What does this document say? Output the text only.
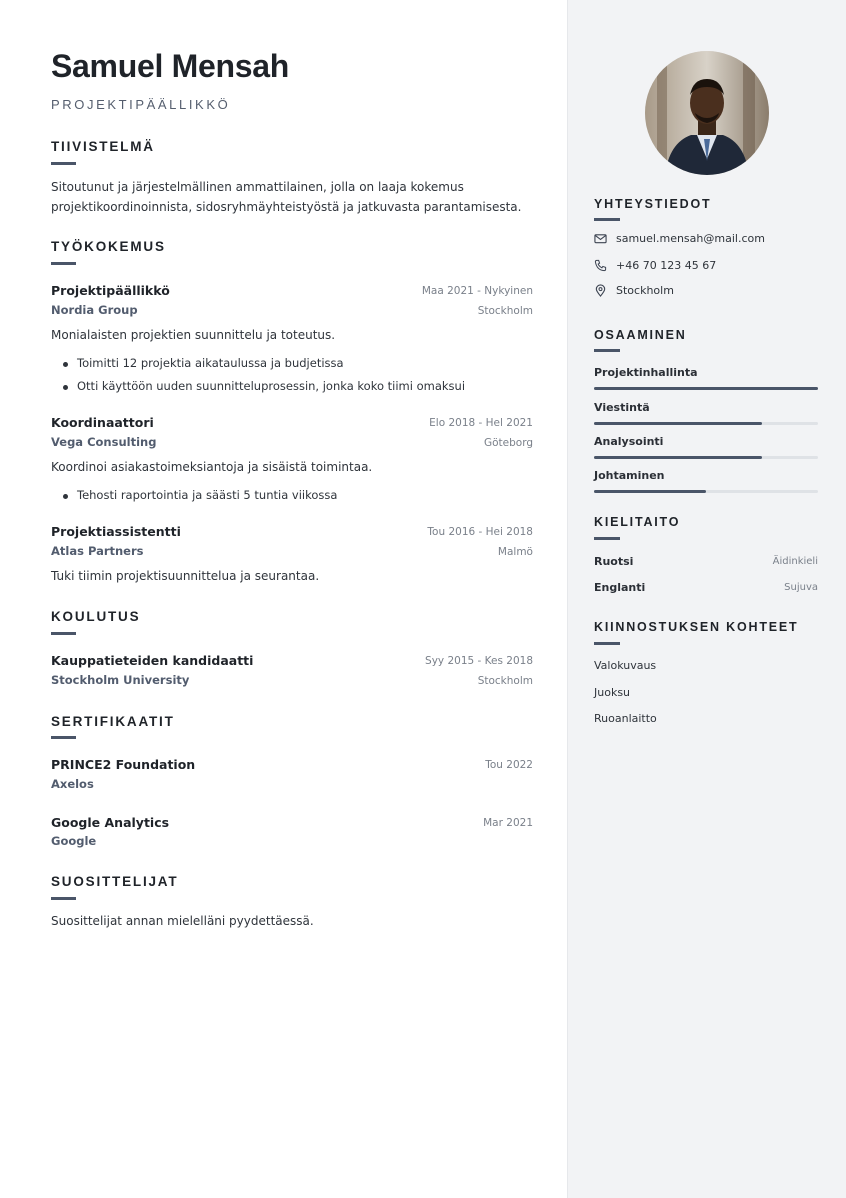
Samuel Mensah
PROJEKTIPÄÄLLIKKÖ
TIIVISTELMÄ
Sitoutunut ja järjestelmällinen ammattilainen, jolla on laaja kokemus
projektikoordinoinnista, sidosryhmäyhteistyöstä ja jatkuvasta parantamisesta.
TYÖKOKEMUS
Projektipäällikkö	Maa 2021 - Nykyinen
Nordia Group	Stockholm
Monialaisten projektien suunnittelu ja toteutus.
Toimitti 12 projektia aikataulussa ja budjetissa
Otti käyttöön uuden suunnitteluprosessin, jonka koko tiimi omaksui
Koordinaattori	Elo 2018 - Hel 2021
Vega Consulting	Göteborg
Koordinoi asiakastoimeksiantoja ja sisäistä toimintaa.
Tehosti raportointia ja säästi 5 tuntia viikossa
Projektiassistentti	Tou 2016 - Hei 2018
Atlas Partners	Malmö
Tuki tiimin projektisuunnittelua ja seurantaa.
KOULUTUS
Kauppatieteiden kandidaatti	Syy 2015 - Kes 2018
Stockholm University	Stockholm
SERTIFIKAATIT
PRINCE2 Foundation	Tou 2022
Axelos
Google Analytics	Mar 2021
Google
SUOSITTELIJAT
Suosittelijat annan mielelläni pyydettäessä.
YHTEYSTIEDOT
samuel.mensah@mail.com
+46 70 123 45 67
Stockholm
OSAAMINEN
Projektinhallinta
Viestintä
Analysointi
Johtaminen
KIELITAITO
Ruotsi	Äidinkieli
Englanti	Sujuva
KIINNOSTUKSEN KOHTEET
Valokuvaus
Juoksu
Ruoanlaitto
